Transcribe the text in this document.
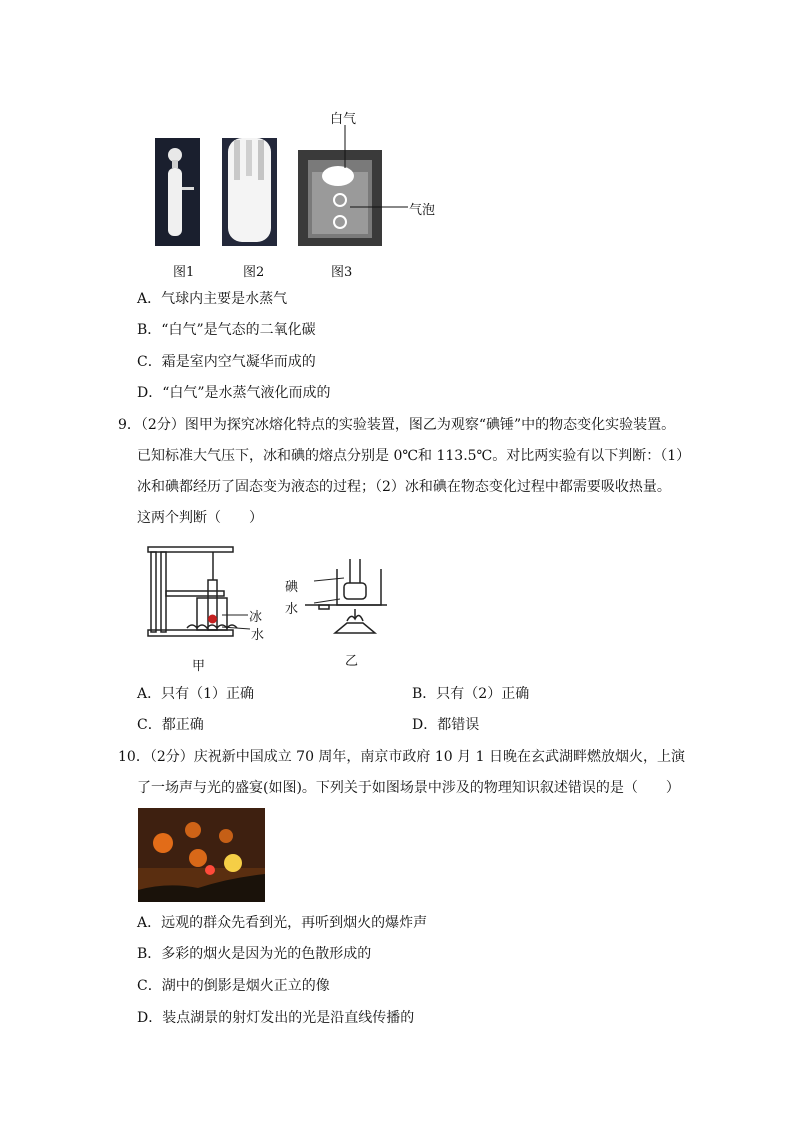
白气
气泡
图1	图2	图3
A．气球内主要是水蒸气
B．“白气”是气态的二氧化碳
C．霜是室内空气凝华而成的
D．“白气”是水蒸气液化而成的
9．（2分）图甲为探究冰熔化特点的实验装置，图乙为观察“碘锤”中的物态变化实验装置。
已知标准大气压下，冰和碘的熔点分别是 0℃和 113.5℃。对比两实验有以下判断：（1）
冰和碘都经历了固态变为液态的过程；（2）冰和碘在物态变化过程中都需要吸收热量。
这两个判断（　　）
冰
水
甲
碘
水
乙
A．只有（1）正确	B．只有（2）正确
C．都正确	D．都错误
10．（2分）庆祝新中国成立 70 周年，南京市政府 10 月 1 日晚在玄武湖畔燃放烟火，上演
了一场声与光的盛宴(如图)。下列关于如图场景中涉及的物理知识叙述错误的是（　　）
A．远观的群众先看到光，再听到烟火的爆炸声
B．多彩的烟火是因为光的色散形成的
C．湖中的倒影是烟火正立的像
D．装点湖景的射灯发出的光是沿直线传播的
